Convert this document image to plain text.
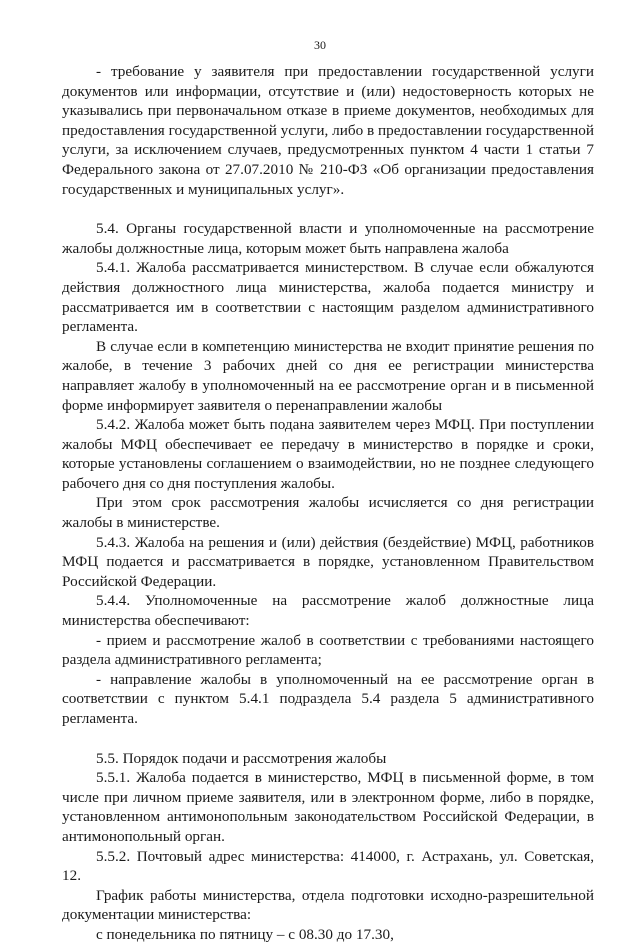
30

- требование у заявителя при предоставлении государственной услуги документов или информации, отсутствие и (или) недостоверность которых не указывались при первоначальном отказе в приеме документов, необходимых для предоставления государственной услуги, либо в предоставлении государственной услуги, за исключением случаев, предусмотренных пунктом 4 части 1 статьи 7 Федерального закона от 27.07.2010 № 210-ФЗ «Об организации предоставления государственных и муниципальных услуг».

5.4. Органы государственной власти и уполномоченные на рассмотрение жалобы должностные лица, которым может быть направлена жалоба

5.4.1. Жалоба рассматривается министерством. В случае если обжалуются действия должностного лица министерства, жалоба подается министру и рассматривается им в соответствии с настоящим разделом административного регламента.

В случае если в компетенцию министерства не входит принятие решения по жалобе, в течение 3 рабочих дней со дня ее регистрации министерства направляет жалобу в уполномоченный на ее рассмотрение орган и в письменной форме информирует заявителя о перенаправлении жалобы

5.4.2. Жалоба может быть подана заявителем через МФЦ. При поступлении жалобы МФЦ обеспечивает ее передачу в министерство в порядке и сроки, которые установлены соглашением о взаимодействии, но не позднее следующего рабочего дня со дня поступления жалобы.

При этом срок рассмотрения жалобы исчисляется со дня регистрации жалобы в министерстве.

5.4.3. Жалоба на решения и (или) действия (бездействие) МФЦ, работников МФЦ подается и рассматривается в порядке, установленном Правительством Российской Федерации.

5.4.4. Уполномоченные на рассмотрение жалоб должностные лица министерства обеспечивают:

- прием и рассмотрение жалоб в соответствии с требованиями настоящего раздела административного регламента;

- направление жалобы в уполномоченный на ее рассмотрение орган в соответствии с пунктом 5.4.1 подраздела 5.4 раздела 5 административного регламента.

5.5. Порядок подачи и рассмотрения жалобы

5.5.1. Жалоба подается в министерство, МФЦ в письменной форме, в том числе при личном приеме заявителя, или в электронном форме, либо в порядке, установленном антимонопольным законодательством Российской Федерации, в антимонопольный орган.

5.5.2. Почтовый адрес министерства: 414000, г. Астрахань, ул. Советская, 12.

График работы министерства, отдела подготовки исходно-разрешительной документации министерства:

с понедельника по пятницу – с 08.30 до 17.30,
